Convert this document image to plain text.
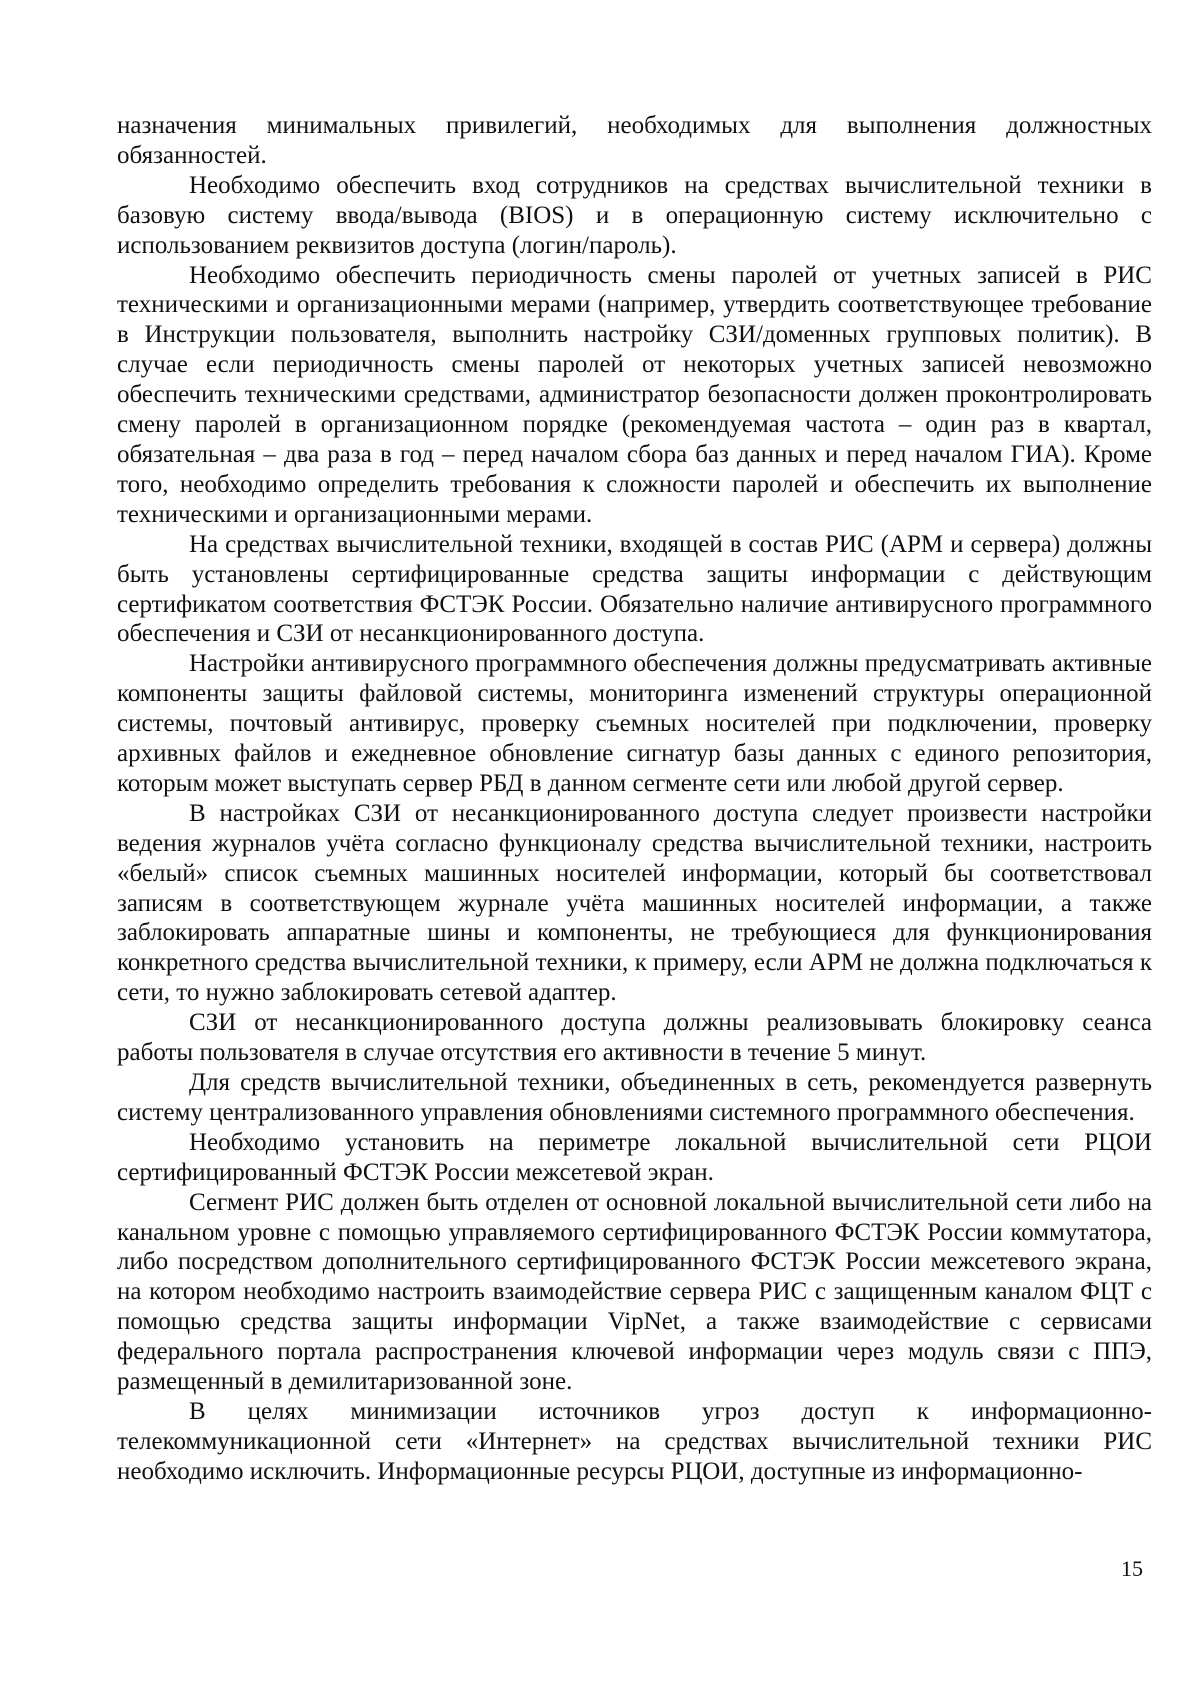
назначения минимальных привилегий, необходимых для выполнения должностных обязанностей.

Необходимо обеспечить вход сотрудников на средствах вычислительной техники в базовую систему ввода/вывода (BIOS) и в операционную систему исключительно с использованием реквизитов доступа (логин/пароль).

Необходимо обеспечить периодичность смены паролей от учетных записей в РИС техническими и организационными мерами (например, утвердить соответствующее требование в Инструкции пользователя, выполнить настройку СЗИ/доменных групповых политик). В случае если периодичность смены паролей от некоторых учетных записей невозможно обеспечить техническими средствами, администратор безопасности должен проконтролировать смену паролей в организационном порядке (рекомендуемая частота – один раз в квартал, обязательная – два раза в год – перед началом сбора баз данных и перед началом ГИА). Кроме того, необходимо определить требования к сложности паролей и обеспечить их выполнение техническими и организационными мерами.

На средствах вычислительной техники, входящей в состав РИС (АРМ и сервера) должны быть установлены сертифицированные средства защиты информации с действующим сертификатом соответствия ФСТЭК России. Обязательно наличие антивирусного программного обеспечения и СЗИ от несанкционированного доступа.

Настройки антивирусного программного обеспечения должны предусматривать активные компоненты защиты файловой системы, мониторинга изменений структуры операционной системы, почтовый антивирус, проверку съемных носителей при подключении, проверку архивных файлов и ежедневное обновление сигнатур базы данных с единого репозитория, которым может выступать сервер РБД в данном сегменте сети или любой другой сервер.

В настройках СЗИ от несанкционированного доступа следует произвести настройки ведения журналов учёта согласно функционалу средства вычислительной техники, настроить «белый» список съемных машинных носителей информации, который бы соответствовал записям в соответствующем журнале учёта машинных носителей информации, а также заблокировать аппаратные шины и компоненты, не требующиеся для функционирования конкретного средства вычислительной техники, к примеру, если АРМ не должна подключаться к сети, то нужно заблокировать сетевой адаптер.

СЗИ от несанкционированного доступа должны реализовывать блокировку сеанса работы пользователя в случае отсутствия его активности в течение 5 минут.

Для средств вычислительной техники, объединенных в сеть, рекомендуется развернуть систему централизованного управления обновлениями системного программного обеспечения.

Необходимо установить на периметре локальной вычислительной сети РЦОИ сертифицированный ФСТЭК России межсетевой экран.

Сегмент РИС должен быть отделен от основной локальной вычислительной сети либо на канальном уровне с помощью управляемого сертифицированного ФСТЭК России коммутатора, либо посредством дополнительного сертифицированного ФСТЭК России межсетевого экрана, на котором необходимо настроить взаимодействие сервера РИС с защищенным каналом ФЦТ с помощью средства защиты информации VipNet, а также взаимодействие с сервисами федерального портала распространения ключевой информации через модуль связи с ППЭ, размещенный в демилитаризованной зоне.

В целях минимизации источников угроз доступ к информационно-телекоммуникационной сети «Интернет» на средствах вычислительной техники РИС необходимо исключить. Информационные ресурсы РЦОИ, доступные из информационно-

15
